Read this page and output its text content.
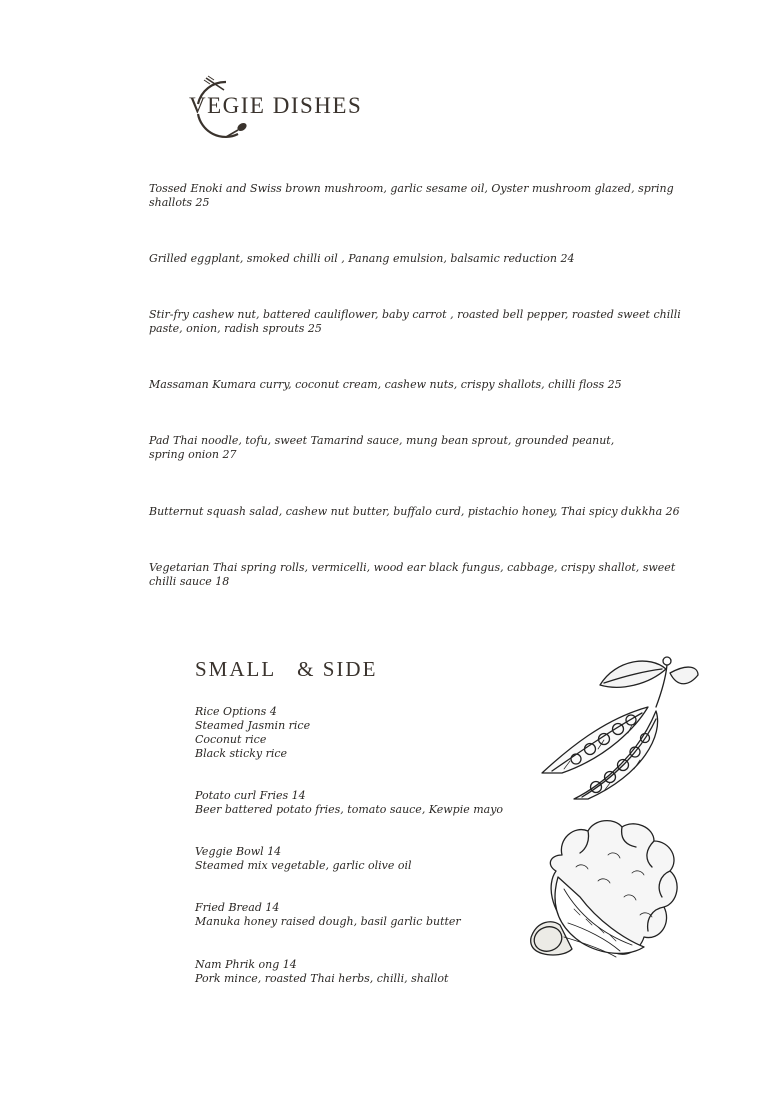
VEGIE DISHES
Tossed Enoki and Swiss brown mushroom, garlic sesame oil, Oyster mushroom glazed, spring shallots 25
Grilled eggplant, smoked chilli oil , Panang emulsion, balsamic reduction 24
Stir-fry cashew nut, battered cauliflower, baby carrot , roasted bell pepper, roasted sweet chilli paste, onion, radish sprouts 25
Massaman Kumara curry, coconut cream, cashew nuts, crispy shallots, chilli floss 25
Pad Thai noodle, tofu, sweet Tamarind sauce, mung bean sprout, grounded peanut,
spring onion 27
Butternut squash salad, cashew nut butter, buffalo curd, pistachio honey, Thai spicy dukkha 26
Vegetarian Thai spring rolls, vermicelli, wood ear black fungus, cabbage, crispy shallot, sweet chilli sauce 18
SMALL   & SIDE
Rice Options 4
Steamed Jasmin rice
Coconut rice
Black sticky rice
Potato curl Fries 14
Beer battered potato fries, tomato sauce, Kewpie mayo
Veggie Bowl 14
Steamed mix vegetable, garlic olive oil
Fried Bread 14
Manuka honey raised dough, basil garlic butter
Nam Phrik ong 14
Pork mince, roasted Thai herbs, chilli, shallot
